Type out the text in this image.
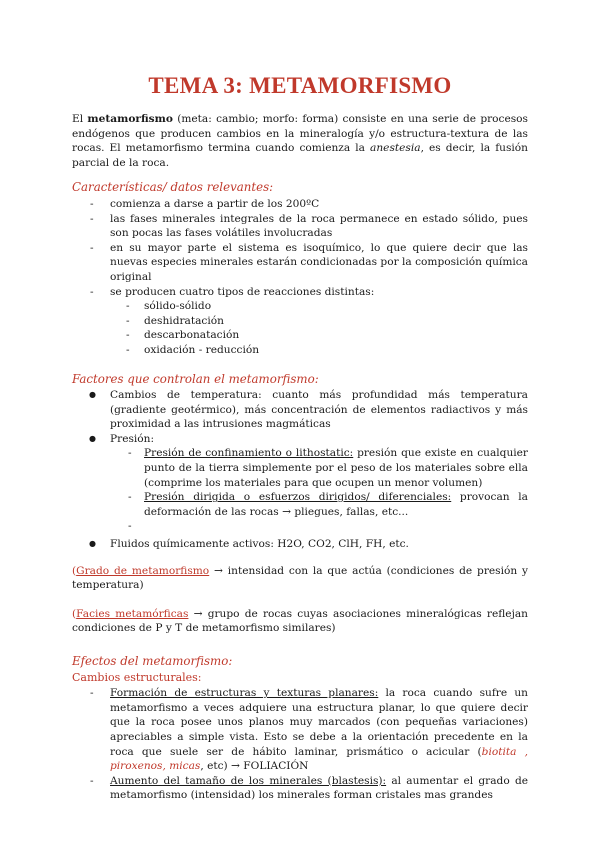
TEMA 3: METAMORFISMO

El metamorfismo (meta: cambio; morfo: forma) consiste en una serie de procesos endógenos que producen cambios en la mineralogía y/o estructura-textura de las rocas. El metamorfismo termina cuando comienza la anestesia, es decir, la fusión parcial de la roca.

Características/ datos relevantes:
- comienza a darse a partir de los 200ºC
- las fases minerales integrales de la roca permanece en estado sólido, pues son pocas las fases volátiles involucradas
- en su mayor parte el sistema es isoquímico, lo que quiere decir que las nuevas especies minerales estarán condicionadas por la composición química original
- se producen cuatro tipos de reacciones distintas:
- sólido-sólido
- deshidratación
- descarbonatación
- oxidación - reducción
Factores que controlan el metamorfismo:
● Cambios de temperatura: cuanto más profundidad más temperatura (gradiente geotérmico), más concentración de elementos radiactivos y más proximidad a las intrusiones magmáticas
● Presión:
- Presión de confinamiento o lithostatic: presión que existe en cualquier punto de la tierra simplemente por el peso de los materiales sobre ella (comprime los materiales para que ocupen un menor volumen)
- Presión dirigida o esfuerzos dirigidos/ diferenciales: provocan la deformación de las rocas → pliegues, fallas, etc...
-
● Fluidos químicamente activos: H2O, CO2, ClH, FH, etc.

(Grado de metamorfismo → intensidad con la que actúa (condiciones de presión y temperatura)

(Facies metamórficas → grupo de rocas cuyas asociaciones mineralógicas reflejan condiciones de P y T de metamorfismo similares)

Efectos del metamorfismo:
Cambios estructurales:
- Formación de estructuras y texturas planares: la roca cuando sufre un metamorfismo a veces adquiere una estructura planar, lo que quiere decir que la roca posee unos planos muy marcados (con pequeñas variaciones) apreciables a simple vista. Esto se debe a la orientación precedente en la roca que suele ser de hábito laminar, prismático o acicular (biotita , piroxenos, micas, etc) → FOLIACIÓN
- Aumento del tamaño de los minerales (blastesis): al aumentar el grado de metamorfismo (intensidad) los minerales forman cristales mas grandes
